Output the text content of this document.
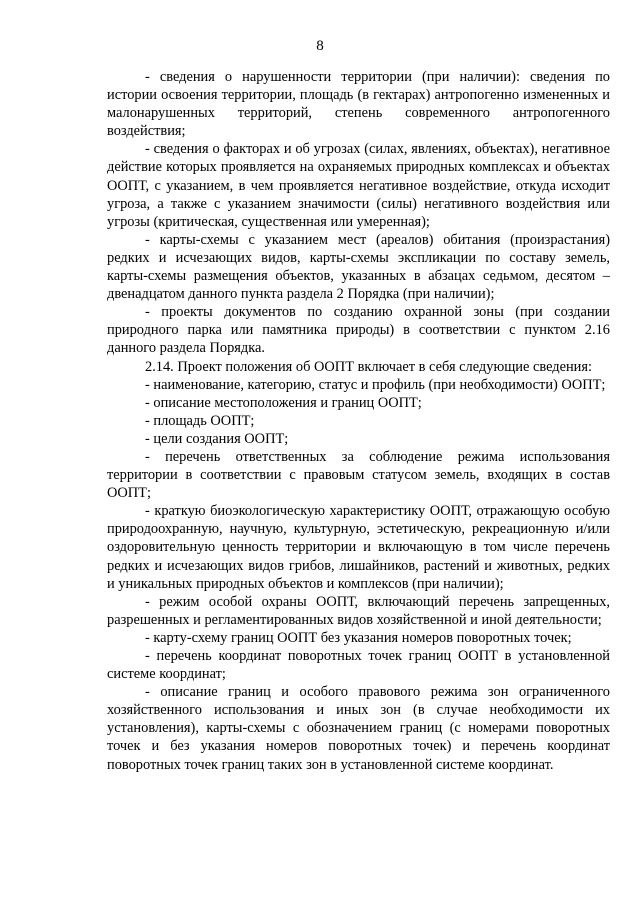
8

- сведения о нарушенности территории (при наличии): сведения по истории освоения территории, площадь (в гектарах) антропогенно измененных и малонарушенных территорий, степень современного антропогенного воздействия;

- сведения о факторах и об угрозах (силах, явлениях, объектах), негативное действие которых проявляется на охраняемых природных комплексах и объектах ООПТ, с указанием, в чем проявляется негативное воздействие, откуда исходит угроза, а также с указанием значимости (силы) негативного воздействия или угрозы (критическая, существенная или умеренная);

- карты-схемы с указанием мест (ареалов) обитания (произрастания) редких и исчезающих видов, карты-схемы экспликации по составу земель, карты-схемы размещения объектов, указанных в абзацах седьмом, десятом – двенадцатом данного пункта раздела 2 Порядка (при наличии);

- проекты документов по созданию охранной зоны (при создании природного парка или памятника природы) в соответствии с пунктом 2.16 данного раздела Порядка.

2.14. Проект положения об ООПТ включает в себя следующие сведения:

- наименование, категорию, статус и профиль (при необходимости) ООПТ;

- описание местоположения и границ ООПТ;

- площадь ООПТ;

- цели создания ООПТ;

- перечень ответственных за соблюдение режима использования территории в соответствии с правовым статусом земель, входящих в состав ООПТ;

- краткую биоэкологическую характеристику ООПТ, отражающую особую природоохранную, научную, культурную, эстетическую, рекреационную и/или оздоровительную ценность территории и включающую в том числе перечень редких и исчезающих видов грибов, лишайников, растений и животных, редких и уникальных природных объектов и комплексов (при наличии);

- режим особой охраны ООПТ, включающий перечень запрещенных, разрешенных и регламентированных видов хозяйственной и иной деятельности;

- карту-схему границ ООПТ без указания номеров поворотных точек;

- перечень координат поворотных точек границ ООПТ в установленной системе координат;

- описание границ и особого правового режима зон ограниченного хозяйственного использования и иных зон (в случае необходимости их установления), карты-схемы с обозначением границ (с номерами поворотных точек и без указания номеров поворотных точек) и перечень координат поворотных точек границ таких зон в установленной системе координат.
